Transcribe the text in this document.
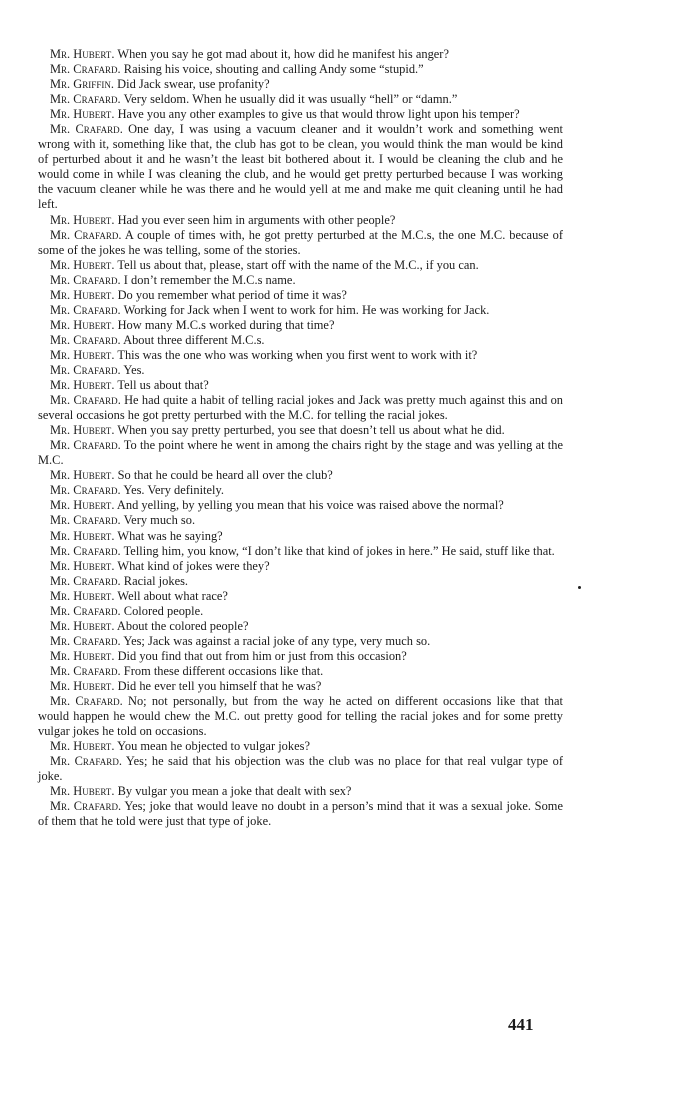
Mr. Hubert. When you say he got mad about it, how did he manifest his anger?

Mr. Crafard. Raising his voice, shouting and calling Andy some “stupid.”

Mr. Griffin. Did Jack swear, use profanity?

Mr. Crafard. Very seldom. When he usually did it was usually “hell” or “damn.”

Mr. Hubert. Have you any other examples to give us that would throw light upon his temper?

Mr. Crafard. One day, I was using a vacuum cleaner and it wouldn’t work and something went wrong with it, something like that, the club has got to be clean, you would think the man would be kind of perturbed about it and he wasn’t the least bit bothered about it. I would be cleaning the club and he would come in while I was cleaning the club, and he would get pretty perturbed because I was working the vacuum cleaner while he was there and he would yell at me and make me quit cleaning until he had left.

Mr. Hubert. Had you ever seen him in arguments with other people?

Mr. Crafard. A couple of times with, he got pretty perturbed at the M.C.s, the one M.C. because of some of the jokes he was telling, some of the stories.

Mr. Hubert. Tell us about that, please, start off with the name of the M.C., if you can.

Mr. Crafard. I don’t remember the M.C.s name.

Mr. Hubert. Do you remember what period of time it was?

Mr. Crafard. Working for Jack when I went to work for him. He was working for Jack.

Mr. Hubert. How many M.C.s worked during that time?

Mr. Crafard. About three different M.C.s.

Mr. Hubert. This was the one who was working when you first went to work with it?

Mr. Crafard. Yes.

Mr. Hubert. Tell us about that?

Mr. Crafard. He had quite a habit of telling racial jokes and Jack was pretty much against this and on several occasions he got pretty perturbed with the M.C. for telling the racial jokes.

Mr. Hubert. When you say pretty perturbed, you see that doesn’t tell us about what he did.

Mr. Crafard. To the point where he went in among the chairs right by the stage and was yelling at the M.C.

Mr. Hubert. So that he could be heard all over the club?

Mr. Crafard. Yes. Very definitely.

Mr. Hubert. And yelling, by yelling you mean that his voice was raised above the normal?

Mr. Crafard. Very much so.

Mr. Hubert. What was he saying?

Mr. Crafard. Telling him, you know, “I don’t like that kind of jokes in here.” He said, stuff like that.

Mr. Hubert. What kind of jokes were they?

Mr. Crafard. Racial jokes.

Mr. Hubert. Well about what race?

Mr. Crafard. Colored people.

Mr. Hubert. About the colored people?

Mr. Crafard. Yes; Jack was against a racial joke of any type, very much so.

Mr. Hubert. Did you find that out from him or just from this occasion?

Mr. Crafard. From these different occasions like that.

Mr. Hubert. Did he ever tell you himself that he was?

Mr. Crafard. No; not personally, but from the way he acted on different occasions like that that would happen he would chew the M.C. out pretty good for telling the racial jokes and for some pretty vulgar jokes he told on occasions.

Mr. Hubert. You mean he objected to vulgar jokes?

Mr. Crafard. Yes; he said that his objection was the club was no place for that real vulgar type of joke.

Mr. Hubert. By vulgar you mean a joke that dealt with sex?

Mr. Crafard. Yes; joke that would leave no doubt in a person’s mind that it was a sexual joke. Some of them that he told were just that type of joke.

441
